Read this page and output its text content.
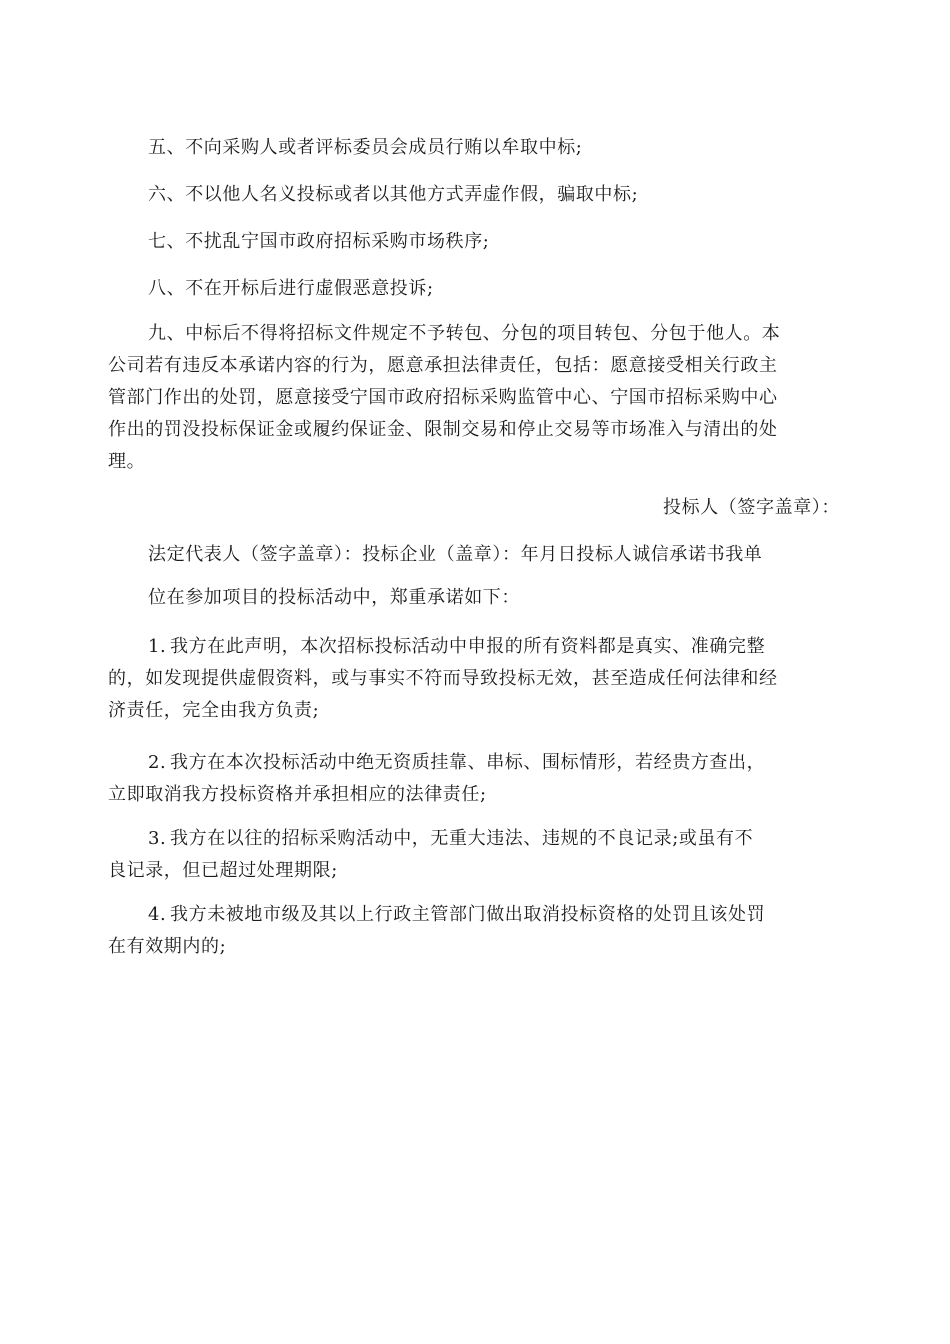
五、不向采购人或者评标委员会成员行贿以牟取中标;
六、不以他人名义投标或者以其他方式弄虚作假，骗取中标;
七、不扰乱宁国市政府招标采购市场秩序;
八、不在开标后进行虚假恶意投诉;
九、中标后不得将招标文件规定不予转包、分包的项目转包、分包于他人。本
公司若有违反本承诺内容的行为，愿意承担法律责任，包括：愿意接受相关行政主
管部门作出的处罚，愿意接受宁国市政府招标采购监管中心、宁国市招标采购中心
作出的罚没投标保证金或履约保证金、限制交易和停止交易等市场准入与清出的处
理。
投标人（签字盖章）：
法定代表人（签字盖章）：投标企业（盖章）：年月日投标人诚信承诺书我单
位在参加项目的投标活动中，郑重承诺如下：
1. 我方在此声明，本次招标投标活动中申报的所有资料都是真实、准确完整
的，如发现提供虚假资料，或与事实不符而导致投标无效，甚至造成任何法律和经
济责任，完全由我方负责;
2. 我方在本次投标活动中绝无资质挂靠、串标、围标情形，若经贵方查出，
立即取消我方投标资格并承担相应的法律责任;
3. 我方在以往的招标采购活动中，无重大违法、违规的不良记录;或虽有不
良记录，但已超过处理期限;
4. 我方未被地市级及其以上行政主管部门做出取消投标资格的处罚且该处罚
在有效期内的;
